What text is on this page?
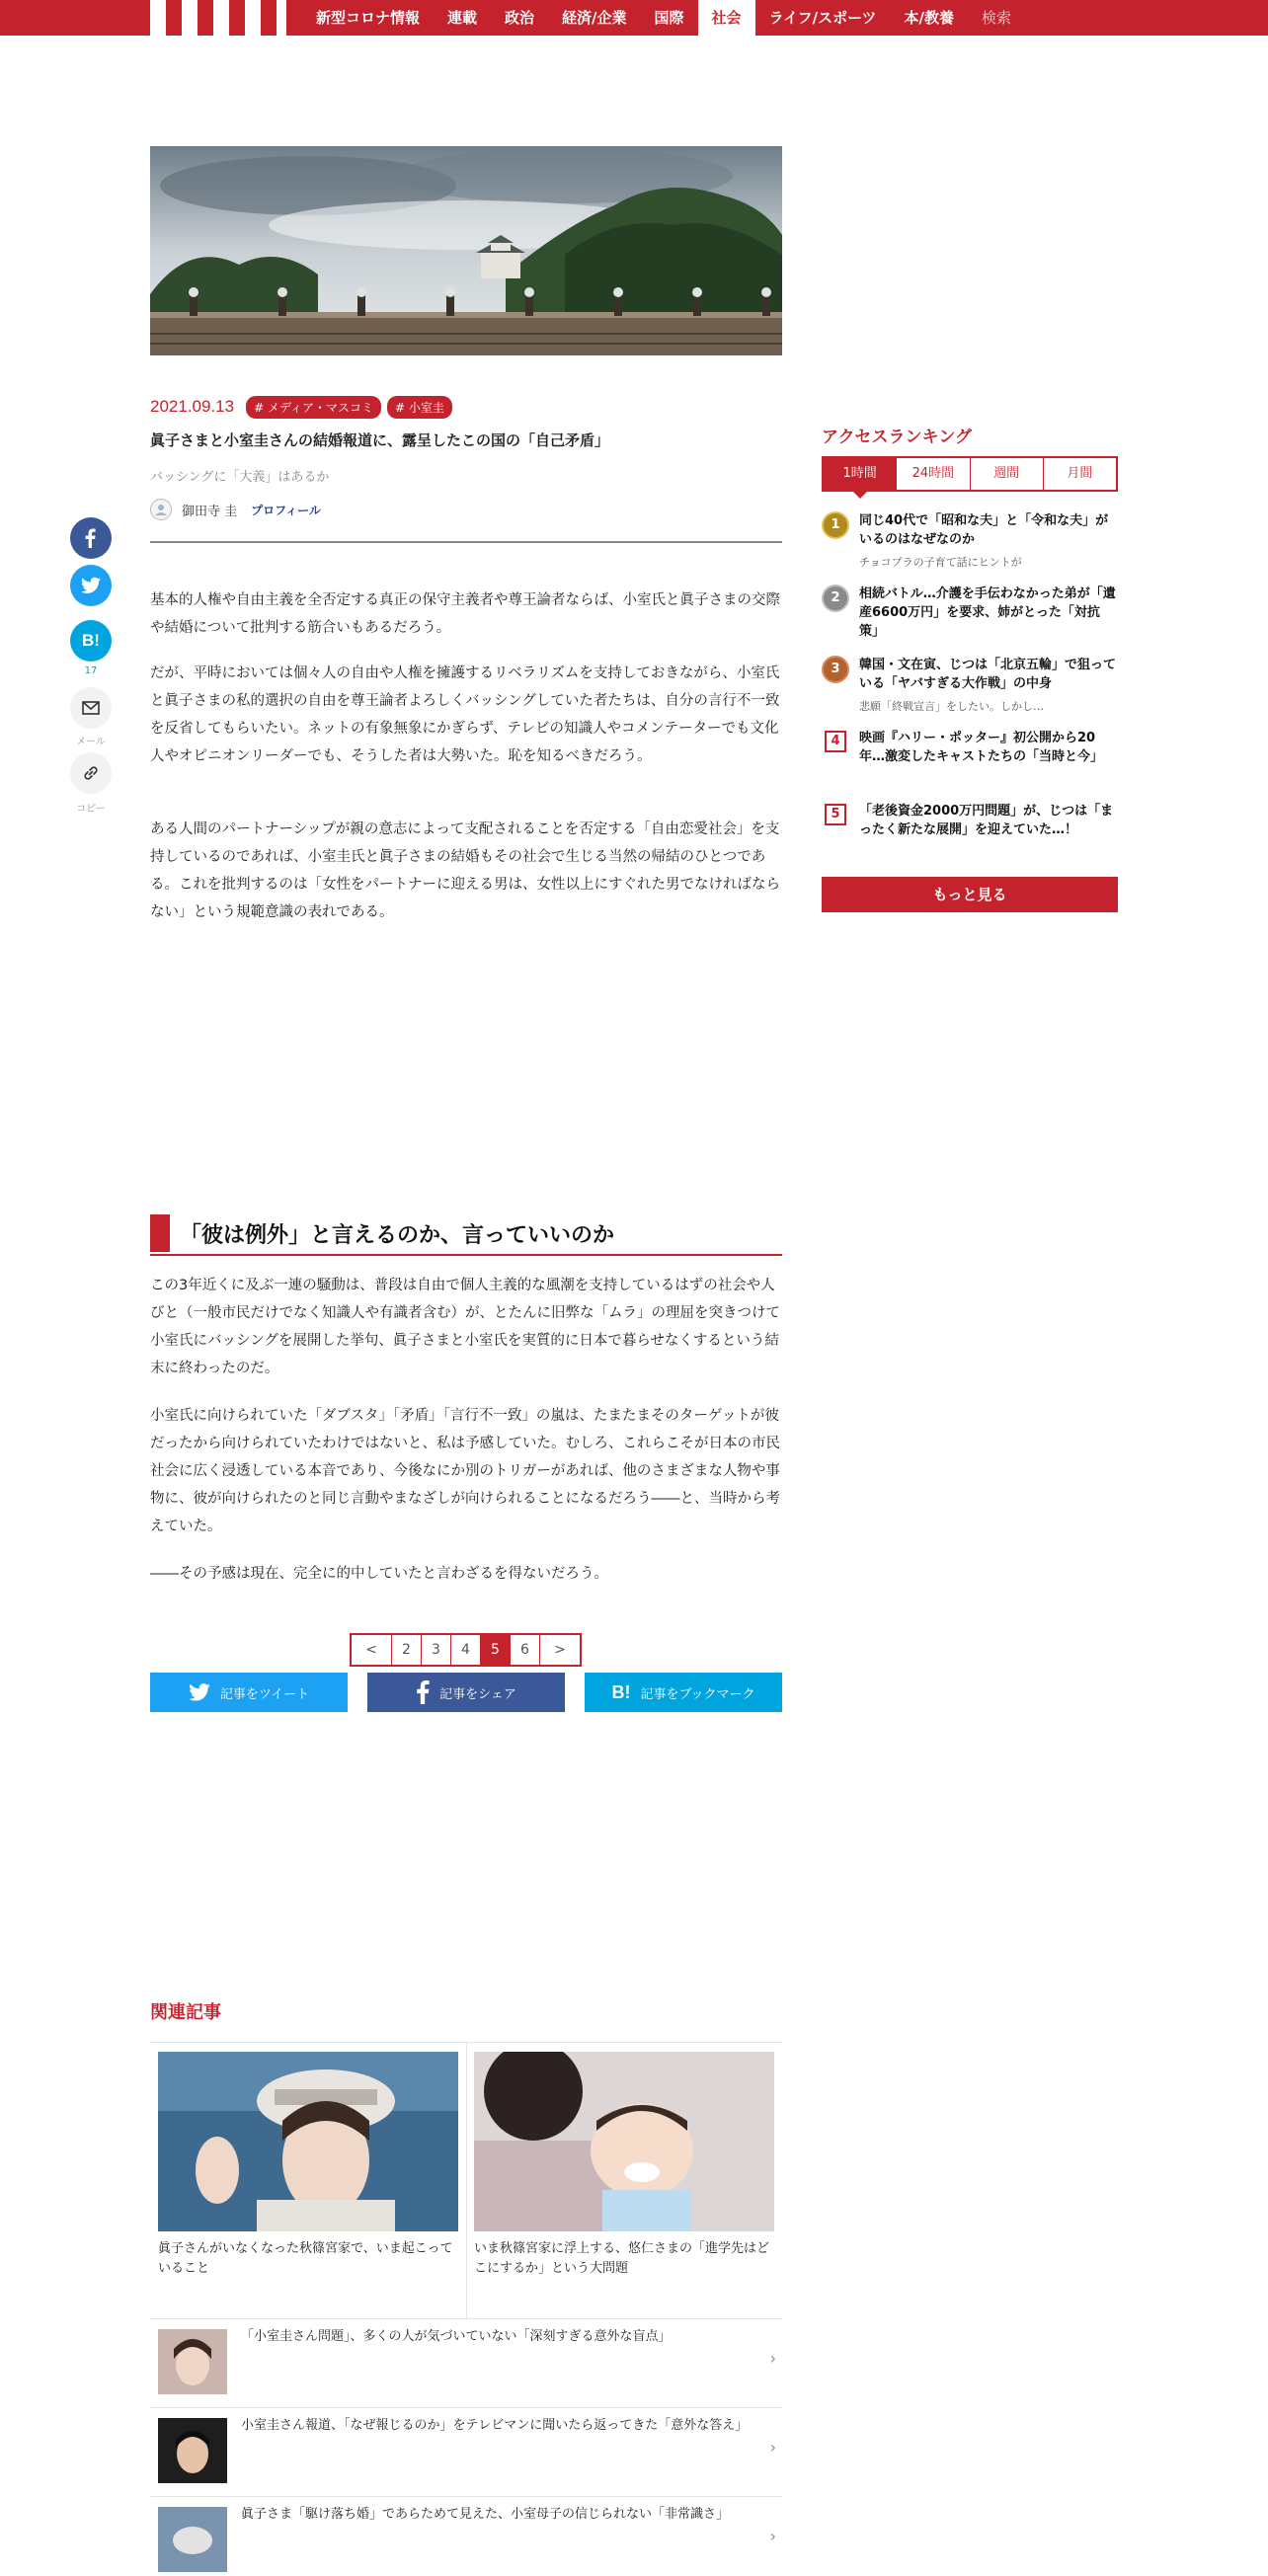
新型コロナ情報	連載	政治	経済/企業	国際	社会	ライフ/スポーツ	本/教養	検索
2021.09.13	# メディア・マスコミ	# 小室圭
眞子さまと小室圭さんの結婚報道に、露呈したこの国の「自己矛盾」
バッシングに「大義」はあるか
御田寺 圭 プロフィール
B!
17
メール
コピー

基本的人権や自由主義を全否定する真正の保守主義者や尊王論者ならば、小室氏と眞子さまの交際や結婚について批判する筋合いもあるだろう。

だが、平時においては個々人の自由や人権を擁護するリベラリズムを支持しておきながら、小室氏と眞子さまの私的選択の自由を尊王論者よろしくバッシングしていた者たちは、自分の言行不一致を反省してもらいたい。ネットの有象無象にかぎらず、テレビの知識人やコメンテーターでも文化人やオピニオンリーダーでも、そうした者は大勢いた。恥を知るべきだろう。

ある人間のパートナーシップが親の意志によって支配されることを否定する「自由恋愛社会」を支持しているのであれば、小室圭氏と眞子さまの結婚もその社会で生じる当然の帰結のひとつである。これを批判するのは「女性をパートナーに迎える男は、女性以上にすぐれた男でなければならない」という規範意識の表れである。

「彼は例外」と言えるのか、言っていいのか

この3年近くに及ぶ一連の騒動は、普段は自由で個人主義的な風潮を支持しているはずの社会や人びと（一般市民だけでなく知識人や有識者含む）が、とたんに旧弊な「ムラ」の理屈を突きつけて小室氏にバッシングを展開した挙句、眞子さまと小室氏を実質的に日本で暮らせなくするという結末に終わったのだ。

小室氏に向けられていた「ダブスタ」「矛盾」「言行不一致」の嵐は、たまたまそのターゲットが彼だったから向けられていたわけではないと、私は予感していた。むしろ、これらこそが日本の市民社会に広く浸透している本音であり、今後なにか別のトリガーがあれば、他のさまざまな人物や事物に、彼が向けられたのと同じ言動やまなざしが向けられることになるだろう――と、当時から考えていた。

――その予感は現在、完全に的中していたと言わざるを得ないだろう。

<	2	3	4	5	6	>
記事をツイート	記事をシェア	B! 記事をブックマーク
関連記事
眞子さんがいなくなった秋篠宮家で、いま起こっていること
いま秋篠宮家に浮上する、悠仁さまの「進学先はどこにするか」という大問題
「小室圭さん問題」、多くの人が気づいていない「深刻すぎる意外な盲点」
›
小室圭さん報道、「なぜ報じるのか」をテレビマンに聞いたら返ってきた「意外な答え」
›
眞子さま「駆け落ち婚」であらためて見えた、小室母子の信じられない「非常識さ」
›
アクセスランキング
1時間	24時間	週間	月間
1	同じ40代で「昭和な夫」と「令和な夫」がいるのはなぜなのか
チョコプラの子育て話にヒントが
2	相続バトル…介護を手伝わなかった弟が「遺産6600万円」を要求、姉がとった「対抗策」
3	韓国・文在寅、じつは「北京五輪」で狙っている「ヤバすぎる大作戦」の中身
悲願「終戦宣言」をしたい。しかし…
4	映画『ハリー・ポッター』初公開から20年…激変したキャストたちの「当時と今」
5	「老後資金2000万円問題」が、じつは「まったく新たな展開」を迎えていた…！
もっと見る
